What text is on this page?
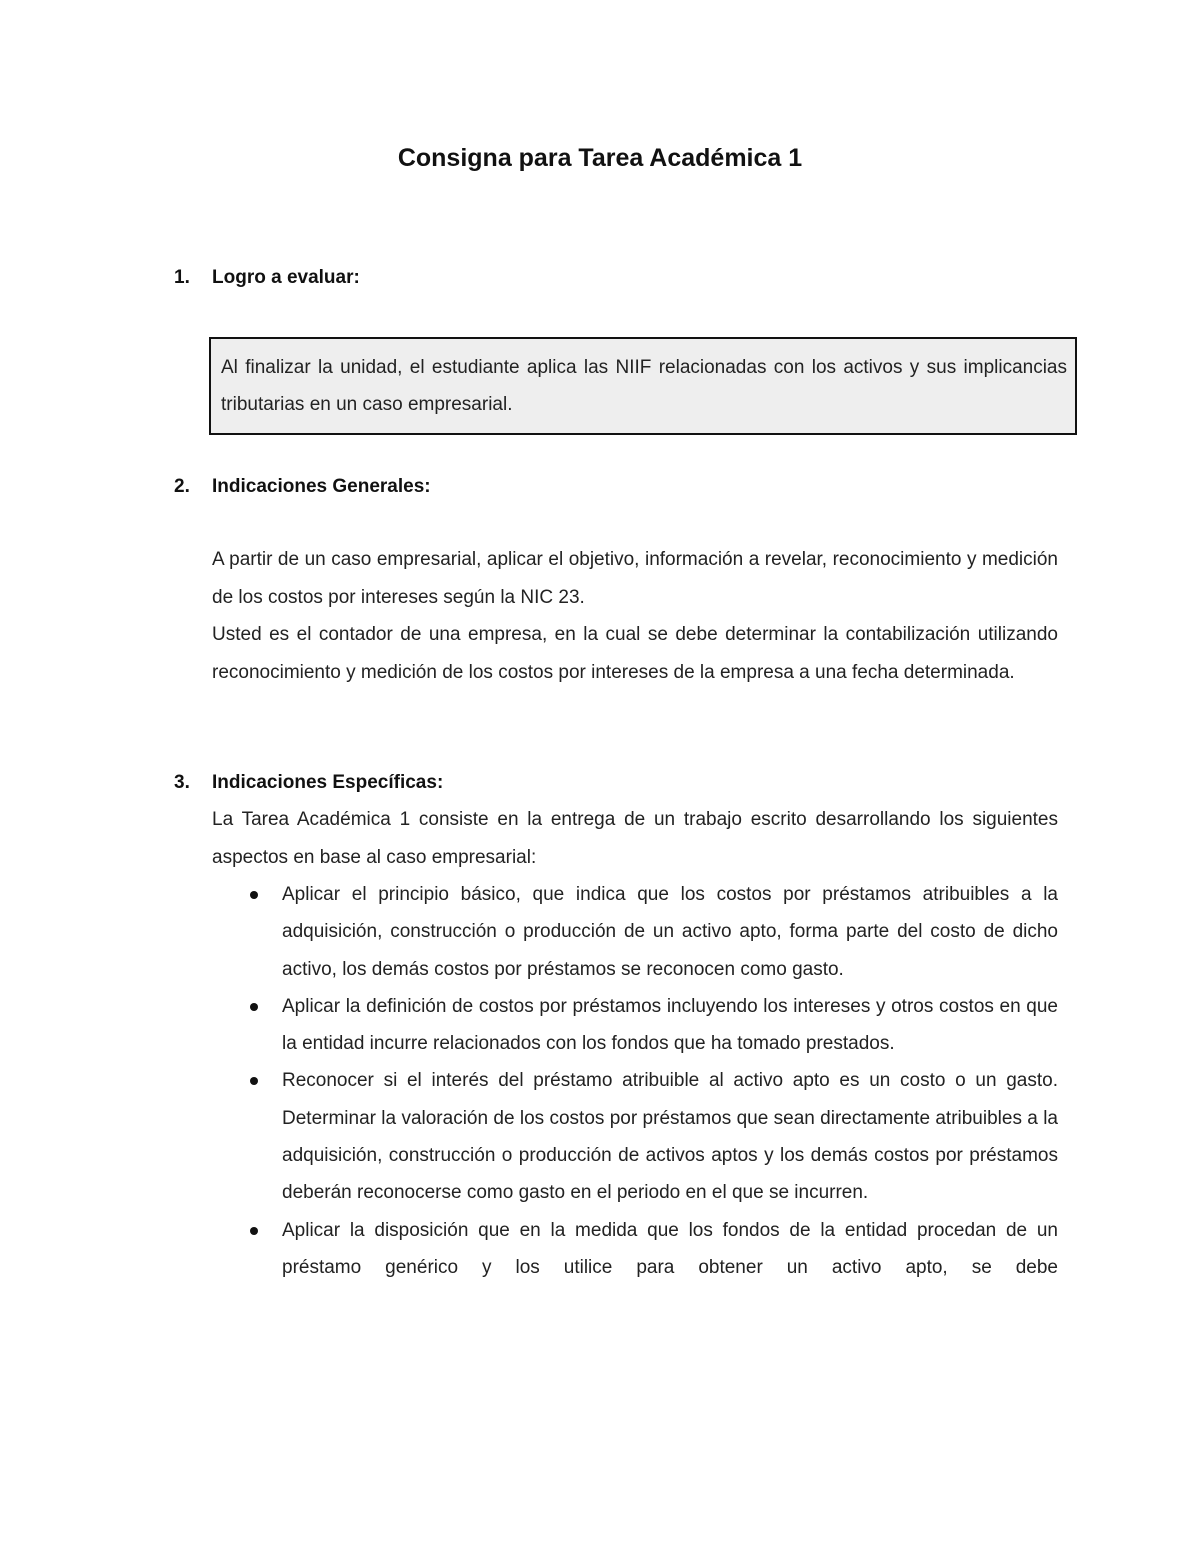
Consigna para Tarea Académica 1
1. Logro a evaluar:
Al finalizar la unidad, el estudiante aplica las NIIF relacionadas con los activos y sus implicancias tributarias en un caso empresarial.
2. Indicaciones Generales:
A partir de un caso empresarial, aplicar el objetivo, información a revelar, reconocimiento y medición de los costos por intereses según la NIC 23.
Usted es el contador de una empresa, en la cual se debe determinar la contabilización utilizando reconocimiento y medición de los costos por intereses de la empresa a una fecha determinada.
3. Indicaciones Específicas:
La Tarea Académica 1 consiste en la entrega de un trabajo escrito desarrollando los siguientes aspectos en base al caso empresarial:
Aplicar el principio básico, que indica que los costos por préstamos atribuibles a la adquisición, construcción o producción de un activo apto, forma parte del costo de dicho activo, los demás costos por préstamos se reconocen como gasto.
Aplicar la definición de costos por préstamos incluyendo los intereses y otros costos en que la entidad incurre relacionados con los fondos que ha tomado prestados.
Reconocer si el interés del préstamo atribuible al activo apto es un costo o un gasto. Determinar la valoración de los costos por préstamos que sean directamente atribuibles a la adquisición, construcción o producción de activos aptos y los demás costos por préstamos deberán reconocerse como gasto en el periodo en el que se incurren.
Aplicar la disposición que en la medida que los fondos de la entidad procedan de un préstamo genérico y los utilice para obtener un activo apto, se debe
